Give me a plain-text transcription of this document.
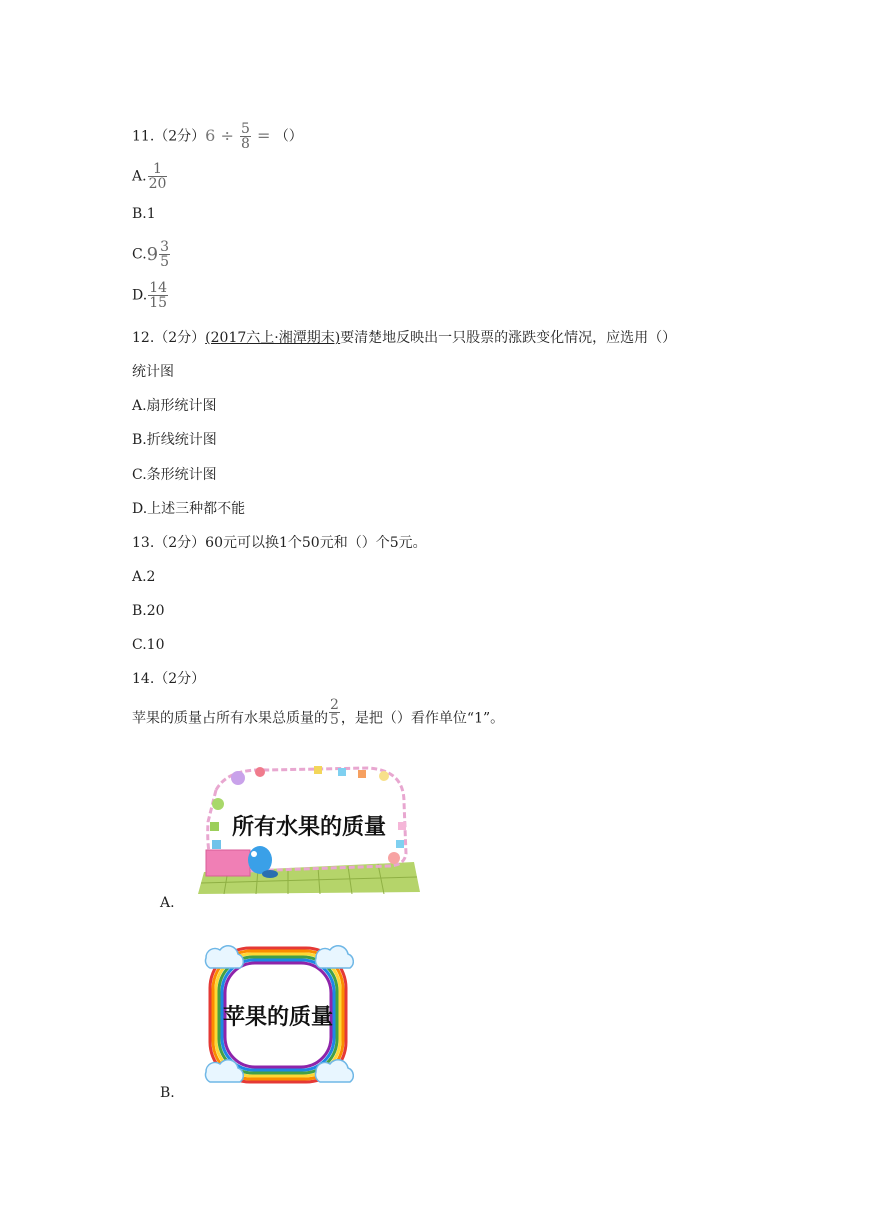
11.（2分）$6 \div \frac{5}{8}$ = （）
A. $\frac{1}{20}$
B.1
$C.9 \frac{3}{5}$
D. $\frac{14}{15}$
12.（2分）(2017六上·湘潭期末)要清楚地反映出一只股票的涨跌变化情况，应选用（）
统计图
A.扇形统计图
B.折线统计图
C.条形统计图
D.上述三种都不能
13.（2分）60元可以换1个50元和（）个5元。
A.2
B.20
C.10
14.（2分）
苹果的质量占所有水果总质量的 $\frac{2}{5}$ ，是把（）看作单位“1”。
所有水果的质量
A.
苹果的质量
B.
